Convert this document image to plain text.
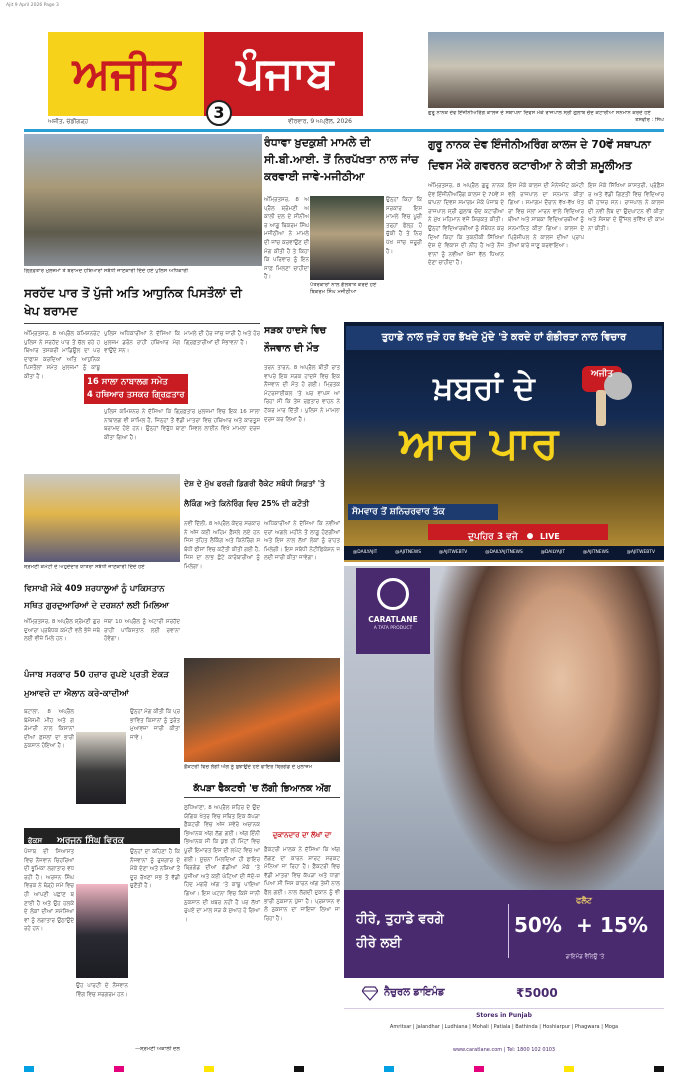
Ajit 9 April 2026 Page 3
ਅਜੀਤ	ਪੰਜਾਬ
3
ਅਜੀਤ, ਚੰਡੀਗੜ੍ਹ	ਵੀਰਵਾਰ, 9 ਅਪ੍ਰੈਲ, 2026
ਗੁਰੂ ਨਾਨਕ ਦੇਵ ਇੰਜੀਨੀਅਰਿੰਗ ਕਾਲਜ ਦੇ ਸਥਾਪਨਾ ਦਿਵਸ ਮੌਕੇ ਰਾਜਪਾਲ ਸ੍ਰੀ ਗੁਲਾਬ ਚੰਦ ਕਟਾਰੀਆ ਸਨਮਾਨ ਕਰਦੇ ਹੋਏ
ਤਸਵੀਰ : ਸਿੰਘ
ਗ੍ਰਿਫ਼ਤਾਰ ਮੁਲਜ਼ਮਾਂ ਤੇ ਬਰਾਮਦ ਹਥਿਆਰਾਂ ਸਬੰਧੀ ਜਾਣਕਾਰੀ ਦਿੰਦੇ ਹੋਏ ਪੁਲਿਸ ਅਧਿਕਾਰੀ
ਰੰਧਾਵਾ ਖ਼ੁਦਕੁਸ਼ੀ ਮਾਮਲੇ ਦੀ ਸੀ.ਬੀ.ਆਈ. ਤੋਂ ਨਿਰਪੱਖਤਾ ਨਾਲ ਜਾਂਚ ਕਰਵਾਈ ਜਾਵੇ-ਮਜੀਠੀਆ
ਅੰਮ੍ਰਿਤਸਰ, 8 ਅਪ੍ਰੈਲ ਸ਼੍ਰੋਮਣੀ ਅਕਾਲੀ ਦਲ ਦੇ ਸੀਨੀਅਰ ਆਗੂ ਬਿਕਰਮ ਸਿੰਘ ਮਜੀਠੀਆ ਨੇ ਮਾਮਲੇ ਦੀ ਜਾਂਚ ਕਰਵਾਉਣ ਦੀ ਮੰਗ ਕੀਤੀ ਹੈ ਤੇ ਕਿਹਾ ਕਿ ਪਰਿਵਾਰ ਨੂੰ ਇਨਸਾਫ਼ ਮਿਲਣਾ ਚਾਹੀਦਾ ਹੈ।
ਪੱਤਰਕਾਰਾਂ ਨਾਲ ਗੱਲਬਾਤ ਕਰਦੇ ਹੋਏ ਬਿਕਰਮ ਸਿੰਘ ਮਜੀਠੀਆ
ਉਨ੍ਹਾਂ ਕਿਹਾ ਕਿ ਸਰਕਾਰ ਇਸ ਮਾਮਲੇ ਵਿਚ ਪੂਰੀ ਤਰ੍ਹਾਂ ਫੇਲ੍ਹ ਹੋ ਚੁੱਕੀ ਹੈ ਤੇ ਨਿਰਪੱਖ ਜਾਂਚ ਜ਼ਰੂਰੀ ਹੈ।
ਗੁਰੂ ਨਾਨਕ ਦੇਵ ਇੰਜੀਨੀਅਰਿੰਗ ਕਾਲਜ ਦੇ 70ਵੇਂ ਸਥਾਪਨਾ ਦਿਵਸ ਮੌਕੇ ਗਵਰਨਰ ਕਟਾਰੀਆ ਨੇ ਕੀਤੀ ਸ਼ਮੂਲੀਅਤ
ਅੰਮ੍ਰਿਤਸਰ, 8 ਅਪ੍ਰੈਲ ਗੁਰੂ ਨਾਨਕ ਦੇਵ ਇੰਜੀਨੀਅਰਿੰਗ ਕਾਲਜ ਦੇ 70ਵੇਂ ਸਥਾਪਨਾ ਦਿਵਸ ਸਮਾਗਮ ਮੌਕੇ ਪੰਜਾਬ ਦੇ ਰਾਜਪਾਲ ਸ੍ਰੀ ਗੁਲਾਬ ਚੰਦ ਕਟਾਰੀਆ ਨੇ ਮੁੱਖ ਮਹਿਮਾਨ ਵਜੋਂ ਸ਼ਿਰਕਤ ਕੀਤੀ। ਉਨ੍ਹਾਂ ਵਿਦਿਆਰਥੀਆਂ ਨੂੰ ਸੰਬੋਧਨ ਕਰਦਿਆਂ ਕਿਹਾ ਕਿ ਤਕਨੀਕੀ ਸਿੱਖਿਆ ਦੇਸ਼ ਦੇ ਵਿਕਾਸ ਦੀ ਨੀਂਹ ਹੈ ਅਤੇ ਨੌਜਵਾਨਾਂ ਨੂੰ ਨਵੀਆਂ ਖੋਜਾਂ ਵੱਲ ਧਿਆਨ ਦੇਣਾ ਚਾਹੀਦਾ ਹੈ।
ਇਸ ਮੌਕੇ ਕਾਲਜ ਦੀ ਮੈਨੇਜਮੈਂਟ ਕਮੇਟੀ ਵਲੋਂ ਰਾਜਪਾਲ ਦਾ ਸਨਮਾਨ ਕੀਤਾ ਗਿਆ। ਸਮਾਗਮ ਦੌਰਾਨ ਵੱਖ-ਵੱਖ ਖੇਤਰਾਂ ਵਿਚ ਮੱਲਾਂ ਮਾਰਨ ਵਾਲੇ ਵਿਦਿਆਰਥੀਆਂ ਅਤੇ ਸਾਬਕਾ ਵਿਦਿਆਰਥੀਆਂ ਨੂੰ ਸਨਮਾਨਿਤ ਕੀਤਾ ਗਿਆ। ਕਾਲਜ ਦੇ ਪ੍ਰਿੰਸੀਪਲ ਨੇ ਕਾਲਜ ਦੀਆਂ ਪ੍ਰਾਪਤੀਆਂ ਬਾਰੇ ਜਾਣੂ ਕਰਵਾਇਆ।
ਇਸ ਮੌਕੇ ਸਿੱਖਿਆ ਸ਼ਾਸਤਰੀ, ਪ੍ਰੋਫ਼ੈਸਰ ਅਤੇ ਵੱਡੀ ਗਿਣਤੀ ਵਿਚ ਵਿਦਿਆਰਥੀ ਹਾਜ਼ਰ ਸਨ। ਰਾਜਪਾਲ ਨੇ ਕਾਲਜ ਦੀ ਨਵੀਂ ਲੈਬ ਦਾ ਉਦਘਾਟਨ ਵੀ ਕੀਤਾ ਅਤੇ ਸੰਸਥਾ ਦੇ ਉੱਜਲ ਭਵਿੱਖ ਦੀ ਕਾਮਨਾ ਕੀਤੀ।
ਸਰਹੱਦ ਪਾਰ ਤੋਂ ਪੁੱਜੀ ਅਤਿ ਆਧੁਨਿਕ ਪਿਸਤੌਲਾਂ ਦੀ ਖੇਪ ਬਰਾਮਦ
ਅੰਮ੍ਰਿਤਸਰ, 8 ਅਪ੍ਰੈਲ ਕਮਿਸ਼ਨਰੇਟ ਪੁਲਿਸ ਨੇ ਸਰਹੱਦ ਪਾਰ ਤੋਂ ਚੱਲ ਰਹੇ ਹਥਿਆਰ ਤਸਕਰੀ ਮਾਡਿਊਲ ਦਾ ਪਰਦਾਫਾਸ਼ ਕਰਦਿਆਂ ਅਤਿ ਆਧੁਨਿਕ ਪਿਸਤੌਲਾਂ ਸਮੇਤ ਮੁਲਜ਼ਮਾਂ ਨੂੰ ਕਾਬੂ ਕੀਤਾ ਹੈ।
ਪੁਲਿਸ ਅਧਿਕਾਰੀਆਂ ਨੇ ਦੱਸਿਆ ਕਿ ਮੁਲਜ਼ਮ ਡਰੋਨ ਰਾਹੀਂ ਹਥਿਆਰ ਮੰਗਵਾਉਂਦੇ ਸਨ।
ਮਾਮਲੇ ਦੀ ਹੋਰ ਜਾਂਚ ਜਾਰੀ ਹੈ ਅਤੇ ਹੋਰ ਗ੍ਰਿਫ਼ਤਾਰੀਆਂ ਦੀ ਸੰਭਾਵਨਾ ਹੈ।
16 ਸਾਲਾ ਨਾਬਾਲਗ ਸਮੇਤ
4 ਹਥਿਆਰ ਤਸਕਰ ਗ੍ਰਿਫ਼ਤਾਰ
ਪੁਲਿਸ ਕਮਿਸ਼ਨਰ ਨੇ ਦੱਸਿਆ ਕਿ ਗ੍ਰਿਫ਼ਤਾਰ ਮੁਲਜ਼ਮਾਂ ਵਿਚ ਇਕ 16 ਸਾਲਾ ਨਾਬਾਲਗ ਵੀ ਸ਼ਾਮਿਲ ਹੈ, ਜਿਨ੍ਹਾਂ ਤੋਂ ਵੱਡੀ ਮਾਤਰਾ ਵਿਚ ਹਥਿਆਰ ਅਤੇ ਕਾਰਤੂਸ ਬਰਾਮਦ ਹੋਏ ਹਨ। ਉਨ੍ਹਾਂ ਵਿਰੁੱਧ ਥਾਣਾ ਸਿਵਲ ਲਾਈਨ ਵਿਖੇ ਮਾਮਲਾ ਦਰਜ ਕੀਤਾ ਗਿਆ ਹੈ।
ਸੜਕ ਹਾਦਸੇ ਵਿਚ ਨੌਜਵਾਨ ਦੀ ਮੌਤ
ਤਰਨ ਤਾਰਨ, 8 ਅਪ੍ਰੈਲ ਬੀਤੀ ਰਾਤ ਵਾਪਰੇ ਇਕ ਸੜਕ ਹਾਦਸੇ ਵਿਚ ਇਕ ਨੌਜਵਾਨ ਦੀ ਮੌਤ ਹੋ ਗਈ। ਮ੍ਰਿਤਕ ਮੋਟਰਸਾਈਕਲ 'ਤੇ ਘਰ ਵਾਪਸ ਆ ਰਿਹਾ ਸੀ ਕਿ ਤੇਜ਼ ਰਫ਼ਤਾਰ ਵਾਹਨ ਨੇ ਟੱਕਰ ਮਾਰ ਦਿੱਤੀ। ਪੁਲਿਸ ਨੇ ਮਾਮਲਾ ਦਰਜ ਕਰ ਲਿਆ ਹੈ।
ਤੁਹਾਡੇ ਨਾਲ ਜੁੜੇ ਹਰ ਭੱਖਦੇ ਮੁੱਦੇ 'ਤੇ ਕਰਦੇ ਹਾਂ ਗੰਭੀਰਤਾ ਨਾਲ ਵਿਚਾਰ
ਖ਼ਬਰਾਂ ਦੇ
ਆਰ ਪਾਰ
ਅਜੀਤ
ਸੋਮਵਾਰ ਤੋਂ ਸ਼ਨਿਚਰਵਾਰ ਤੱਕ
ਦੁਪਹਿਰ 3 ਵਜੇ	LIVE
@DAILYAJIT	@AJITNEWS	@AJITWEBTV	@DAILYAJITNEWS	@DAILYAJIT	@AJITNEWS	@AJITWEBTV
ਸ਼੍ਰੋਮਣੀ ਕਮੇਟੀ ਦੇ ਅਹੁਦੇਦਾਰ ਯਾਤਰਾ ਸਬੰਧੀ ਜਾਣਕਾਰੀ ਦਿੰਦੇ ਹੋਏ
ਵਿਸਾਖੀ ਮੌਕੇ 409 ਸ਼ਰਧਾਲੂਆਂ ਨੂੰ ਪਾਕਿਸਤਾਨ ਸਥਿਤ ਗੁਰਦੁਆਰਿਆਂ ਦੇ ਦਰਸ਼ਨਾਂ ਲਈ ਮਿਲਿਆ
ਅੰਮ੍ਰਿਤਸਰ, 8 ਅਪ੍ਰੈਲ ਸ਼੍ਰੋਮਣੀ ਗੁਰਦੁਆਰਾ ਪ੍ਰਬੰਧਕ ਕਮੇਟੀ ਵਲੋਂ ਭੇਜੇ ਜਥੇ ਲਈ ਵੀਜ਼ੇ ਮਿਲੇ ਹਨ।
ਜਥਾ 10 ਅਪ੍ਰੈਲ ਨੂੰ ਅਟਾਰੀ ਸਰਹੱਦ ਰਾਹੀਂ ਪਾਕਿਸਤਾਨ ਲਈ ਰਵਾਨਾ ਹੋਵੇਗਾ।
ਦੇਸ਼ ਦੇ ਮੁੱਖ ਫਰਜ਼ੀ ਡਿਗਰੀ ਰੈਕੇਟ ਸਬੰਧੀ ਸਿਫ਼ਤਾਂ 'ਤੇ ਲੈਕਿੰਗ ਅਤੇ ਕਿਨੇਰਿੰਗ ਵਿਚ 25% ਦੀ ਕਟੌਤੀ
ਨਵੀਂ ਦਿੱਲੀ, 8 ਅਪ੍ਰੈਲ ਕੇਂਦਰ ਸਰਕਾਰ ਨੇ ਅੱਜ ਕਈ ਅਹਿਮ ਫ਼ੈਸਲੇ ਲਏ ਹਨ ਜਿਸ ਤਹਿਤ ਲੈਕਿੰਗ ਅਤੇ ਕਿਨੇਰਿੰਗ ਸਬੰਧੀ ਫੀਸਾਂ ਵਿਚ ਕਟੌਤੀ ਕੀਤੀ ਗਈ ਹੈ, ਜਿਸ ਦਾ ਲਾਭ ਛੋਟੇ ਕਾਰੋਬਾਰੀਆਂ ਨੂੰ ਮਿਲੇਗਾ।
ਅਧਿਕਾਰੀਆਂ ਨੇ ਦੱਸਿਆ ਕਿ ਨਵੀਆਂ ਦਰਾਂ ਅਗਲੇ ਮਹੀਨੇ ਤੋਂ ਲਾਗੂ ਹੋਣਗੀਆਂ ਅਤੇ ਇਸ ਨਾਲ ਲੱਖਾਂ ਲੋਕਾਂ ਨੂੰ ਰਾਹਤ ਮਿਲੇਗੀ। ਇਸ ਸਬੰਧੀ ਨੋਟੀਫਿਕੇਸ਼ਨ ਜਲਦੀ ਜਾਰੀ ਕੀਤਾ ਜਾਵੇਗਾ।
ਪੰਜਾਬ ਸਰਕਾਰ 50 ਹਜ਼ਾਰ ਰੁਪਏ ਪ੍ਰਤੀ ਏਕੜ ਮੁਆਵਜ਼ੇ ਦਾ ਐਲਾਨ ਕਰੇ-ਕਾਦੀਆਂ
ਬਟਾਲਾ, 8 ਅਪ੍ਰੈਲ ਬੇਮੌਸਮੀ ਮੀਂਹ ਅਤੇ ਗੜੇਮਾਰੀ ਨਾਲ ਕਿਸਾਨਾਂ ਦੀਆਂ ਫ਼ਸਲਾਂ ਦਾ ਭਾਰੀ ਨੁਕਸਾਨ ਹੋਇਆ ਹੈ।
ਉਨ੍ਹਾਂ ਮੰਗ ਕੀਤੀ ਕਿ ਪ੍ਰਭਾਵਿਤ ਕਿਸਾਨਾਂ ਨੂੰ ਤੁਰੰਤ ਮੁਆਵਜ਼ਾ ਜਾਰੀ ਕੀਤਾ ਜਾਵੇ।
ਫ਼ੈਕਟਰੀ ਵਿਚ ਲੱਗੀ ਅੱਗ ਨੂੰ ਬੁਝਾਉਂਦੇ ਹੋਏ ਫਾਇਰ ਬ੍ਰਿਗੇਡ ਦੇ ਮੁਲਾਜ਼ਮ
ਕੱਪੜਾ ਫੈਕਟਰੀ 'ਚ ਲੱਗੀ ਭਿਆਨਕ ਅੱਗ
ਫੋਕਸ ਅਰਜਨ ਸਿੰਘ ਵਿਰਕ
ਪੰਜਾਬ ਦੀ ਸਿਆਸਤ ਵਿਚ ਨੌਜਵਾਨ ਚਿਹਰਿਆਂ ਦੀ ਭੂਮਿਕਾ ਲਗਾਤਾਰ ਵਧ ਰਹੀ ਹੈ। ਅਰਜਨ ਸਿੰਘ ਵਿਰਕ ਨੇ ਥੋੜ੍ਹੇ ਸਮੇਂ ਵਿਚ ਹੀ ਆਪਣੀ ਪਛਾਣ ਬਣਾਈ ਹੈ ਅਤੇ ਉਹ ਹਲਕੇ ਦੇ ਲੋਕਾਂ ਦੀਆਂ ਸਮੱਸਿਆਵਾਂ ਨੂੰ ਲਗਾਤਾਰ ਉਠਾਉਂਦੇ ਰਹੇ ਹਨ।
ਉਨ੍ਹਾਂ ਦਾ ਕਹਿਣਾ ਹੈ ਕਿ ਨੌਜਵਾਨਾਂ ਨੂੰ ਰੁਜ਼ਗਾਰ ਦੇ ਮੌਕੇ ਦੇਣਾ ਅਤੇ ਨਸ਼ਿਆਂ ਤੋਂ ਦੂਰ ਰੱਖਣਾ ਸਭ ਤੋਂ ਵੱਡੀ ਚੁਣੌਤੀ ਹੈ।
ਉਹ ਪਾਰਟੀ ਦੇ ਨੌਜਵਾਨ ਵਿੰਗ ਵਿਚ ਸਰਗਰਮ ਹਨ।
—ਸ਼੍ਰੋਮਣੀ ਅਕਾਲੀ ਦਲ
ਦੁਕਾਨਦਾਰ ਦਾ ਲੱਖਾਂ ਦਾ
ਲੁਧਿਆਣਾ, 8 ਅਪ੍ਰੈਲ ਸ਼ਹਿਰ ਦੇ ਉਦਯੋਗਿਕ ਖੇਤਰ ਵਿਚ ਸਥਿਤ ਇਕ ਕੱਪੜਾ ਫ਼ੈਕਟਰੀ ਵਿਚ ਅੱਜ ਸਵੇਰੇ ਅਚਾਨਕ ਭਿਆਨਕ ਅੱਗ ਲੱਗ ਗਈ। ਅੱਗ ਇੰਨੀ ਭਿਆਨਕ ਸੀ ਕਿ ਕੁਝ ਹੀ ਮਿੰਟਾਂ ਵਿਚ ਪੂਰੀ ਇਮਾਰਤ ਇਸ ਦੀ ਲਪੇਟ ਵਿਚ ਆ ਗਈ। ਸੂਚਨਾ ਮਿਲਦਿਆਂ ਹੀ ਫਾਇਰ ਬ੍ਰਿਗੇਡ ਦੀਆਂ ਗੱਡੀਆਂ ਮੌਕੇ 'ਤੇ ਪੁੱਜੀਆਂ ਅਤੇ ਕਈ ਘੰਟਿਆਂ ਦੀ ਜੱਦੋ-ਜਹਿਦ ਮਗਰੋਂ ਅੱਗ 'ਤੇ ਕਾਬੂ ਪਾਇਆ ਗਿਆ। ਇਸ ਘਟਨਾ ਵਿਚ ਕਿਸੇ ਜਾਨੀ ਨੁਕਸਾਨ ਦੀ ਖ਼ਬਰ ਨਹੀਂ ਹੈ ਪਰ ਲੱਖਾਂ ਰੁਪਏ ਦਾ ਮਾਲ ਸੜ ਕੇ ਸੁਆਹ ਹੋ ਗਿਆ।
ਫ਼ੈਕਟਰੀ ਮਾਲਕ ਨੇ ਦੱਸਿਆ ਕਿ ਅੱਗ ਲੱਗਣ ਦਾ ਕਾਰਨ ਸ਼ਾਰਟ ਸਰਕਟ ਮੰਨਿਆ ਜਾ ਰਿਹਾ ਹੈ। ਫ਼ੈਕਟਰੀ ਵਿਚ ਵੱਡੀ ਮਾਤਰਾ ਵਿਚ ਕੱਪੜਾ ਅਤੇ ਧਾਗਾ ਪਿਆ ਸੀ ਜਿਸ ਕਾਰਨ ਅੱਗ ਤੇਜ਼ੀ ਨਾਲ ਫੈਲ ਗਈ। ਨਾਲ ਲੱਗਦੀ ਦੁਕਾਨ ਨੂੰ ਵੀ ਭਾਰੀ ਨੁਕਸਾਨ ਪੁੱਜਾ ਹੈ। ਪ੍ਰਸ਼ਾਸਨ ਵਲੋਂ ਨੁਕਸਾਨ ਦਾ ਜਾਇਜ਼ਾ ਲਿਆ ਜਾ ਰਿਹਾ ਹੈ।
CARATLANE
A TATA PRODUCT
ਹੀਰੇ, ਤੁਹਾਡੇ ਵਰਗੇ
ਹੀਰੇ ਲਈ
ਫਲੈਟ
50% + 15%
ਡਾਇਮੰਡ ਵੈਲਿਊ 'ਤੇ
ਨੈਚੁਰਲ ਡਾਇਮੰਡ	₹5000
Stores in Punjab
Amritsar | Jalandhar | Ludhiana | Mohali | Patiala | Bathinda | Hoshiarpur | Phagwara | Moga
www.caratlane.com | Tel: 1800 102 0103
